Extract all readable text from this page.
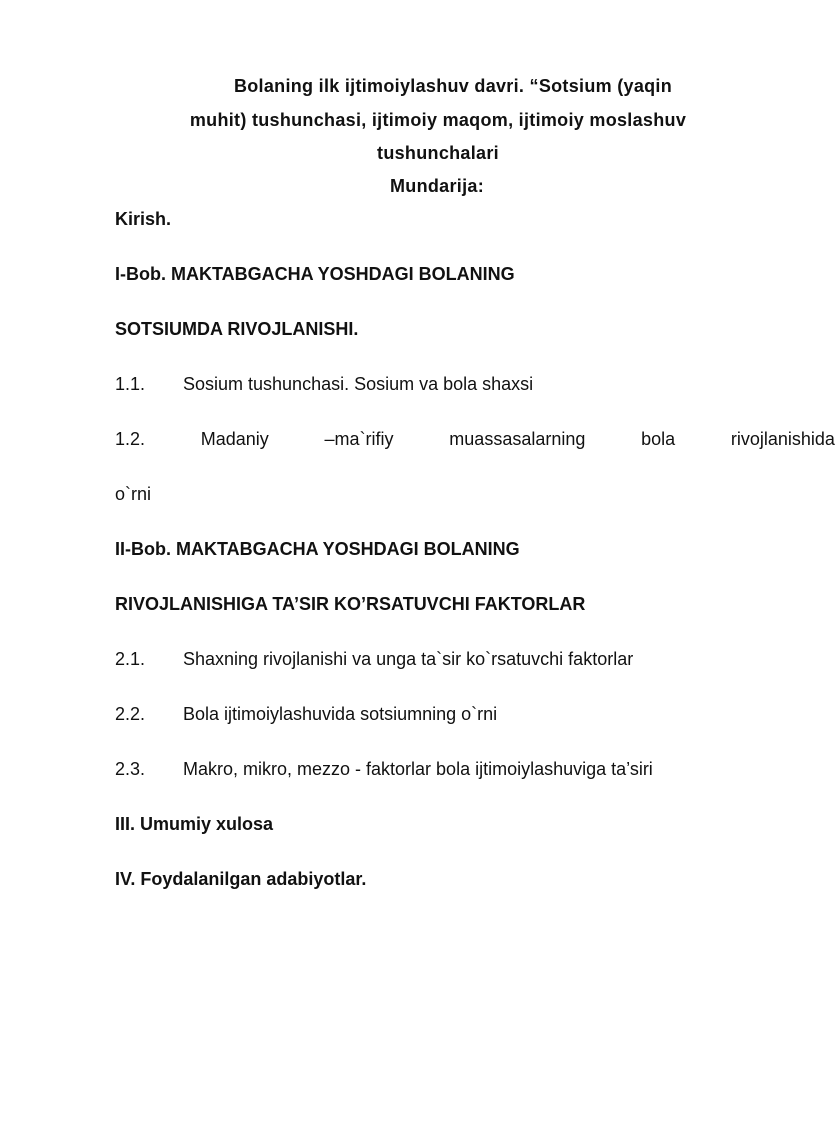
Bolaning ilk ijtimoiylashuv davri. “Sotsium (yaqin
muhit) tushunchasi, ijtimoiy maqom, ijtimoiy moslashuv
tushunchalari
Mundarija:
Kirish.
I-Bob. MAKTABGACHA YOSHDAGI BOLANING
SOTSIUMDA RIVOJLANISHI.
1.1. Sosium tushunchasi. Sosium va bola shaxsi
1.2.	Madaniy	–ma`rifiy	muassasalarning	bola	rivojlanishida
o`rni
II-Bob. MAKTABGACHA YOSHDAGI BOLANING
RIVOJLANISHIGA TA’SIR KO’RSATUVCHI FAKTORLAR
2.1. Shaxning rivojlanishi va unga ta`sir ko`rsatuvchi faktorlar
2.2. Bola ijtimoiylashuvida sotsiumning o`rni
2.3. Makro, mikro, mezzo - faktorlar bola ijtimoiylashuviga ta’siri
III. Umumiy xulosa
IV. Foydalanilgan adabiyotlar.
